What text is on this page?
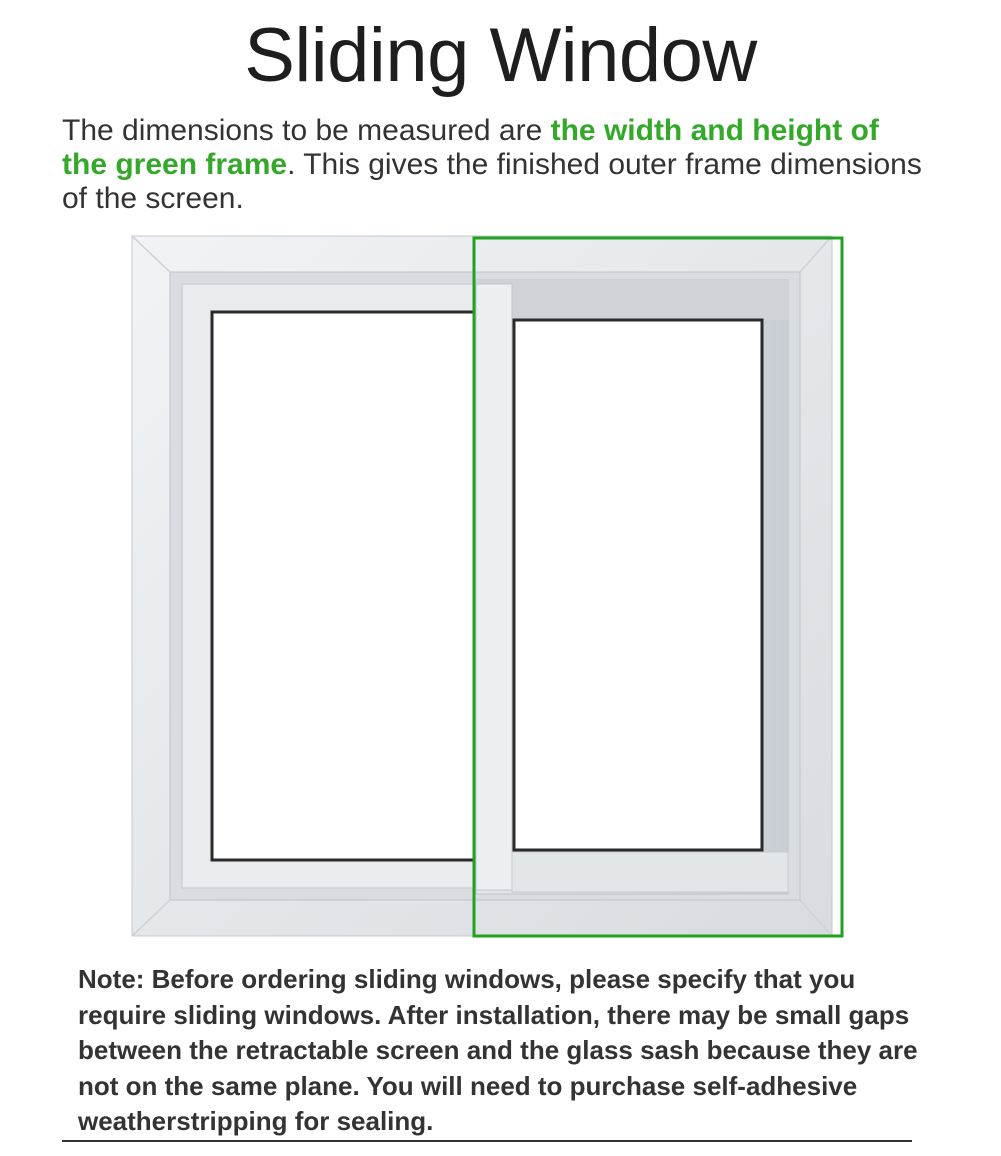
Sliding Window
The dimensions to be measured are the width and height of the green frame. This gives the finished outer frame dimensions of the screen.
Note: Before ordering sliding windows, please specify that you require sliding windows. After installation, there may be small gaps between the retractable screen and the glass sash because they are not on the same plane. You will need to purchase self-adhesive weatherstripping for sealing.
